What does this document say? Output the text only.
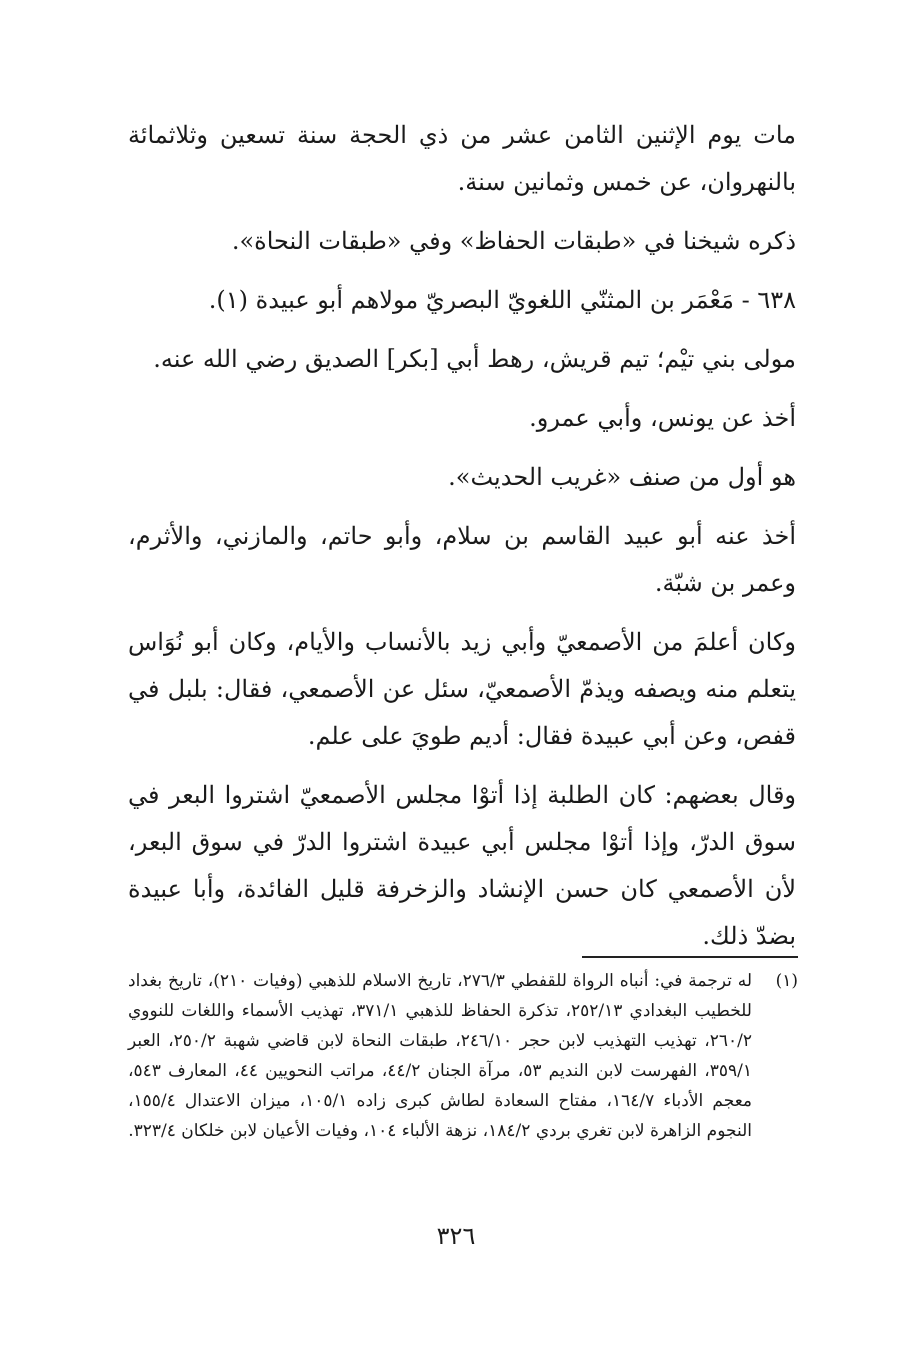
مات يوم الإثنين الثامن عشر من ذي الحجة سنة تسعين وثلاثمائة بالنهروان، عن خمس وثمانين سنة.

ذكره شيخنا في «طبقات الحفاظ» وفي «طبقات النحاة».

٦٣٨ - مَعْمَر بن المثنّي اللغويّ البصريّ مولاهم أبو عبيدة (١).

مولى بني تيْم؛ تيم قريش، رهط أبي [بكر] الصديق رضي الله عنه.

أخذ عن يونس، وأبي عمرو.

هو أول من صنف «غريب الحديث».

أخذ عنه أبو عبيد القاسم بن سلام، وأبو حاتم، والمازني، والأثرم، وعمر بن شبّة.

وكان أعلمَ من الأصمعيّ وأبي زيد بالأنساب والأيام، وكان أبو نُوَاس يتعلم منه ويصفه ويذمّ الأصمعيّ، سئل عن الأصمعي، فقال: بلبل في قفص، وعن أبي عبيدة فقال: أديم طويَ على علم.

وقال بعضهم: كان الطلبة إذا أتوْا مجلس الأصمعيّ اشتروا البعر في سوق الدرّ، وإذا أتوْا مجلس أبي عبيدة اشتروا الدرّ في سوق البعر، لأن الأصمعي كان حسن الإنشاد والزخرفة قليل الفائدة، وأبا عبيدة بضدّ ذلك.

(١)
له ترجمة في: أنباه الرواة للقفطي ٢٧٦/٣، تاريخ الاسلام للذهبي (وفيات ٢١٠)، تاريخ بغداد للخطيب البغدادي ٢٥٢/١٣، تذكرة الحفاظ للذهبي ٣٧١/١، تهذيب الأسماء واللغات للنووي ٢٦٠/٢، تهذيب التهذيب لابن حجر ٢٤٦/١٠، طبقات النحاة لابن قاضي شهبة ٢٥٠/٢، العبر ٣٥٩/١، الفهرست لابن النديم ٥٣، مرآة الجنان ٤٤/٢، مراتب النحويين ٤٤، المعارف ٥٤٣، معجم الأدباء ١٦٤/٧، مفتاح السعادة لطاش كبرى زاده ١٠٥/١، ميزان الاعتدال ١٥٥/٤، النجوم الزاهرة لابن تغري بردي ١٨٤/٢، نزهة الألباء ١٠٤، وفيات الأعيان لابن خلكان ٣٢٣/٤.
٣٢٦
